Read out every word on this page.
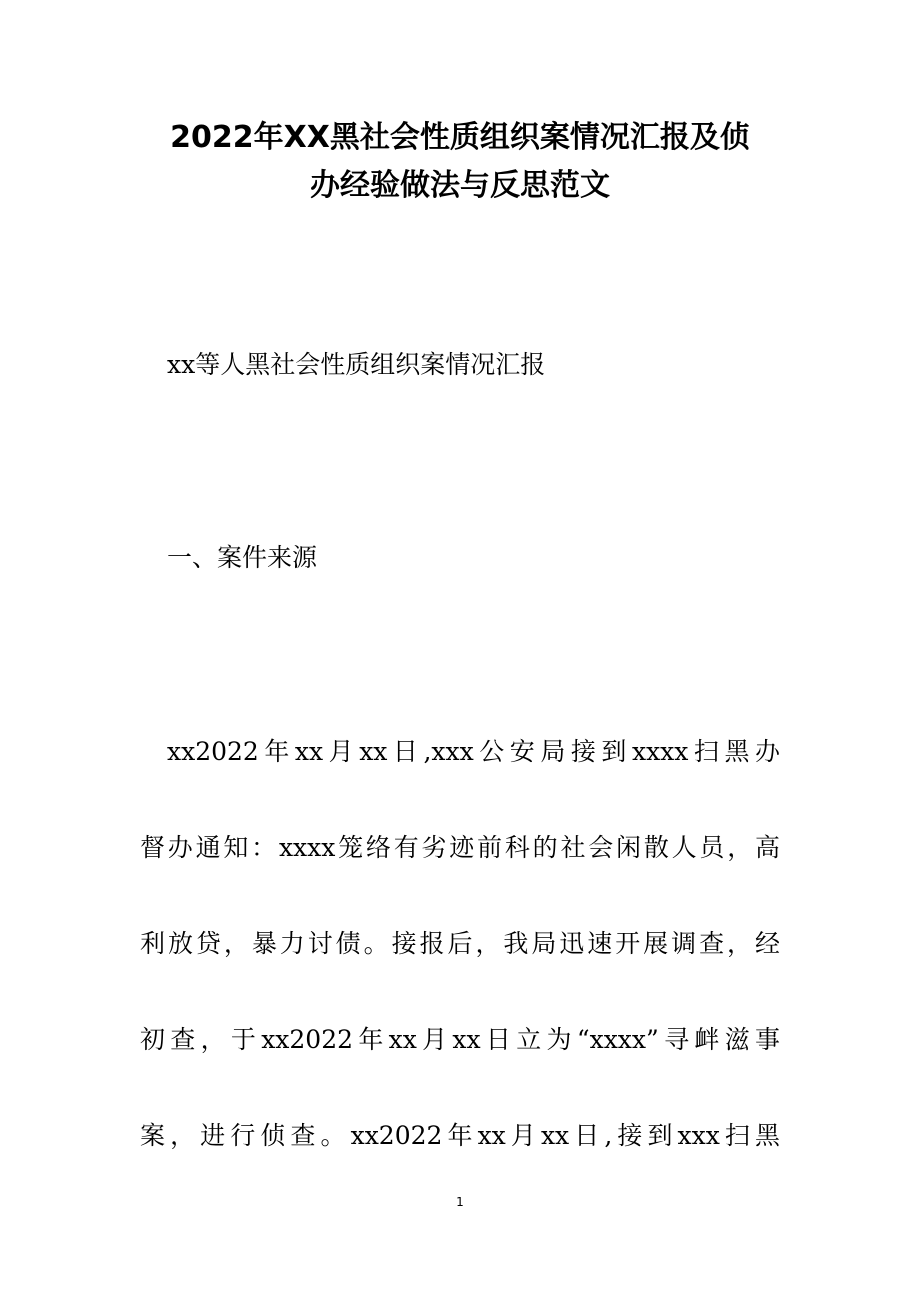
2022年XX黑社会性质组织案情况汇报及侦
办经验做法与反思范文

xx等人黑社会性质组织案情况汇报

一、案件来源

xx2022年xx月xx日,xxx公安局接到xxxx扫黑办
督办通知：xxxx笼络有劣迹前科的社会闲散人员，高
利放贷，暴力讨债。接报后，我局迅速开展调查，经
初查，于xx2022年xx月xx日立为“xxxx”寻衅滋事
案，进行侦查。xx2022年xx月xx日,接到xxx扫黑
1
